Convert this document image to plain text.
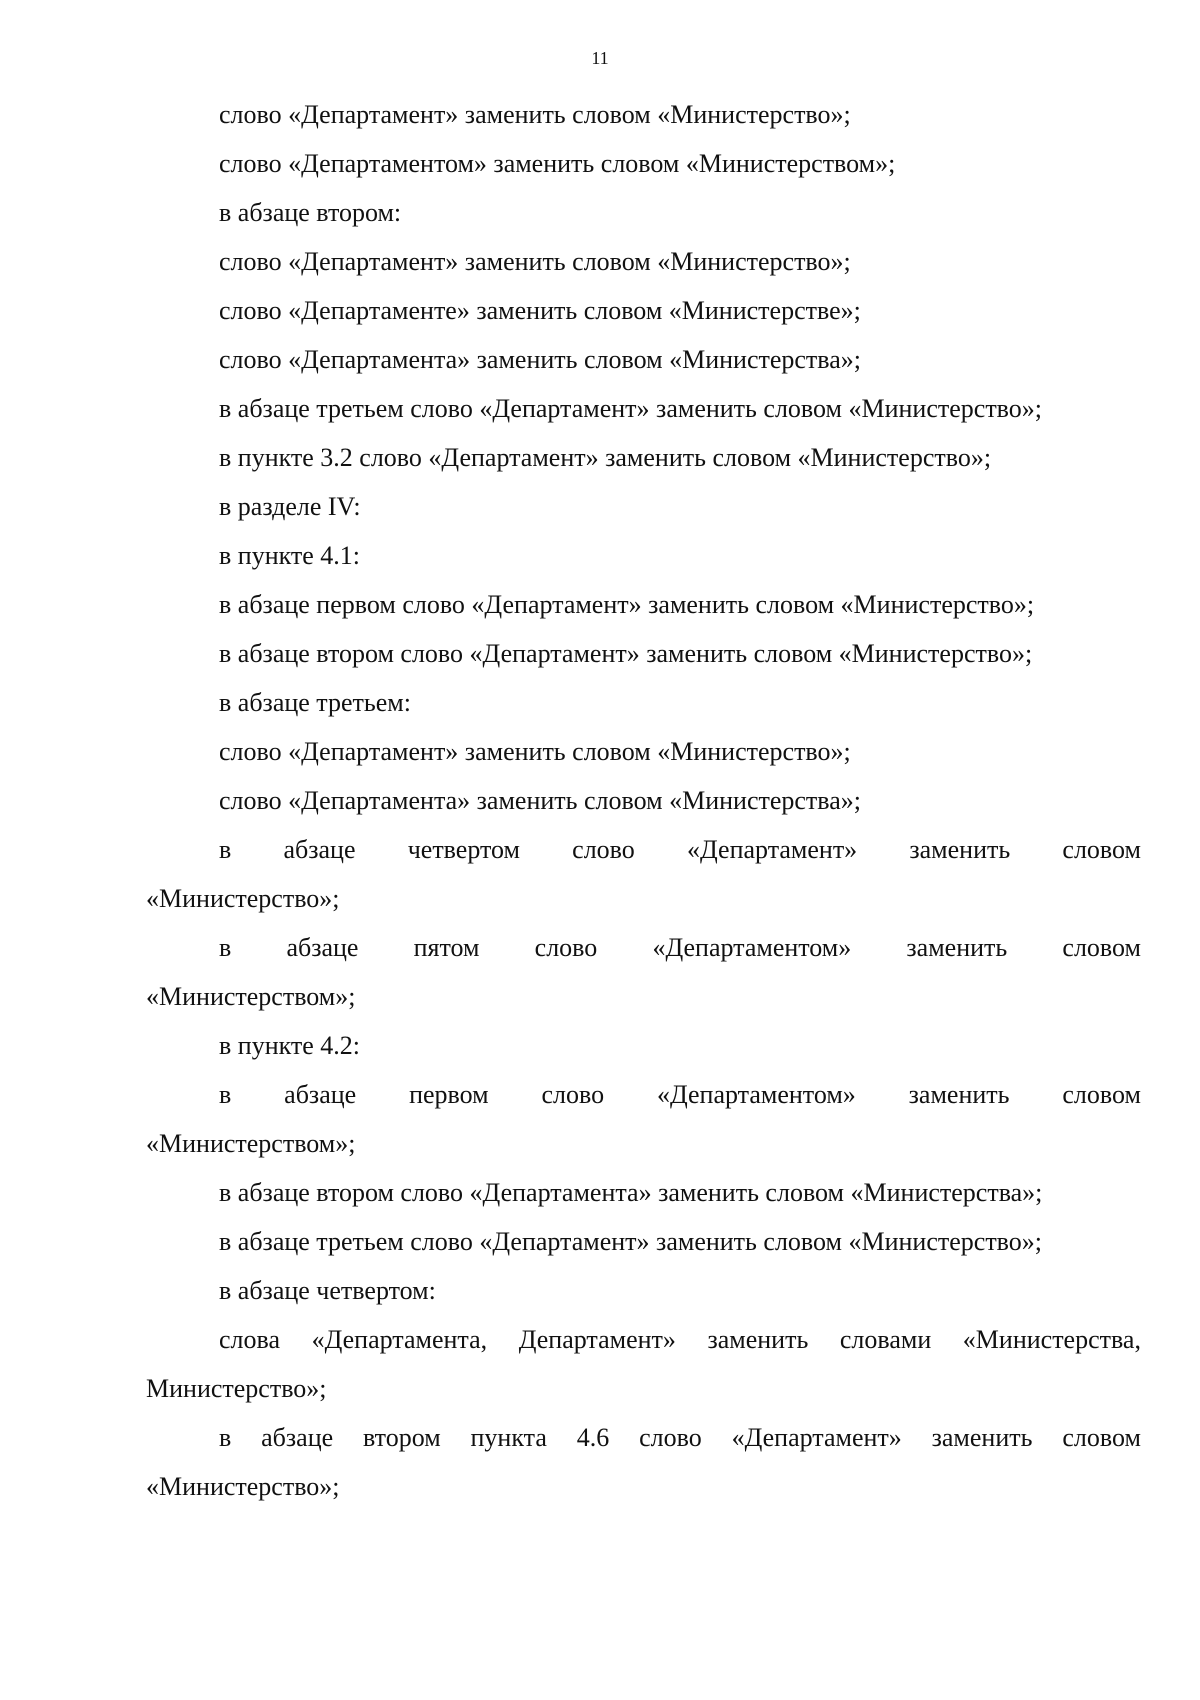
11
слово «Департамент» заменить словом «Министерство»;
слово «Департаментом» заменить словом «Министерством»;
в абзаце втором:
слово «Департамент» заменить словом «Министерство»;
слово «Департаменте» заменить словом «Министерстве»;
слово «Департамента» заменить словом «Министерства»;
в абзаце третьем слово «Департамент» заменить словом «Министерство»;
в пункте 3.2 слово «Департамент» заменить словом «Министерство»;
в разделе IV:
в пункте 4.1:
в абзаце первом слово «Департамент» заменить словом «Министерство»;
в абзаце втором слово «Департамент» заменить словом «Министерство»;
в абзаце третьем:
слово «Департамент» заменить словом «Министерство»;
слово «Департамента» заменить словом «Министерства»;
в абзаце четвертом слово «Департамент» заменить словом
«Министерство»;
в абзаце пятом слово «Департаментом» заменить словом
«Министерством»;
в пункте 4.2:
в абзаце первом слово «Департаментом» заменить словом
«Министерством»;
в абзаце втором слово «Департамента» заменить словом «Министерства»;
в абзаце третьем слово «Департамент» заменить словом «Министерство»;
в абзаце четвертом:
слова «Департамента, Департамент» заменить словами «Министерства,
Министерство»;
в абзаце втором пункта 4.6 слово «Департамент» заменить словом
«Министерство»;
